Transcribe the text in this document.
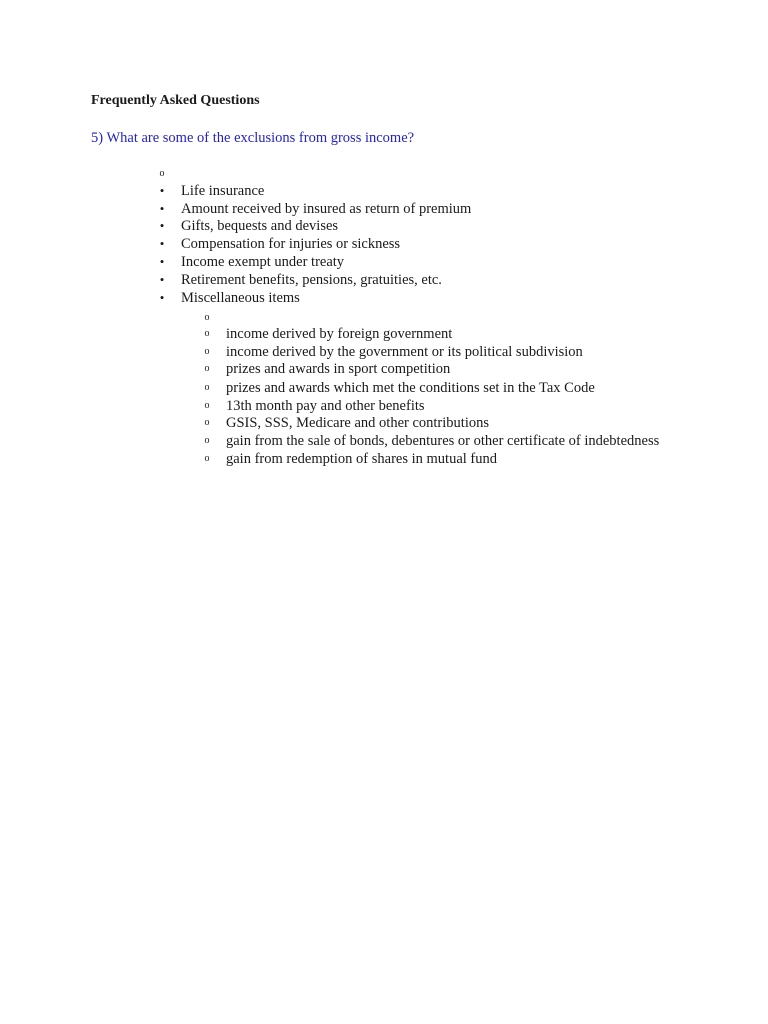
Frequently Asked Questions

5) What are some of the exclusions from gross income?

o
• Life insurance
• Amount received by insured as return of premium
• Gifts, bequests and devises
• Compensation for injuries or sickness
• Income exempt under treaty
• Retirement benefits, pensions, gratuities, etc.
• Miscellaneous items
o
o income derived by foreign government
o income derived by the government or its political subdivision
o prizes and awards in sport competition
o prizes and awards which met the conditions set in the Tax Code
o 13th month pay and other benefits
o GSIS, SSS, Medicare and other contributions
o gain from the sale of bonds, debentures or other certificate of indebtedness
o gain from redemption of shares in mutual fund
